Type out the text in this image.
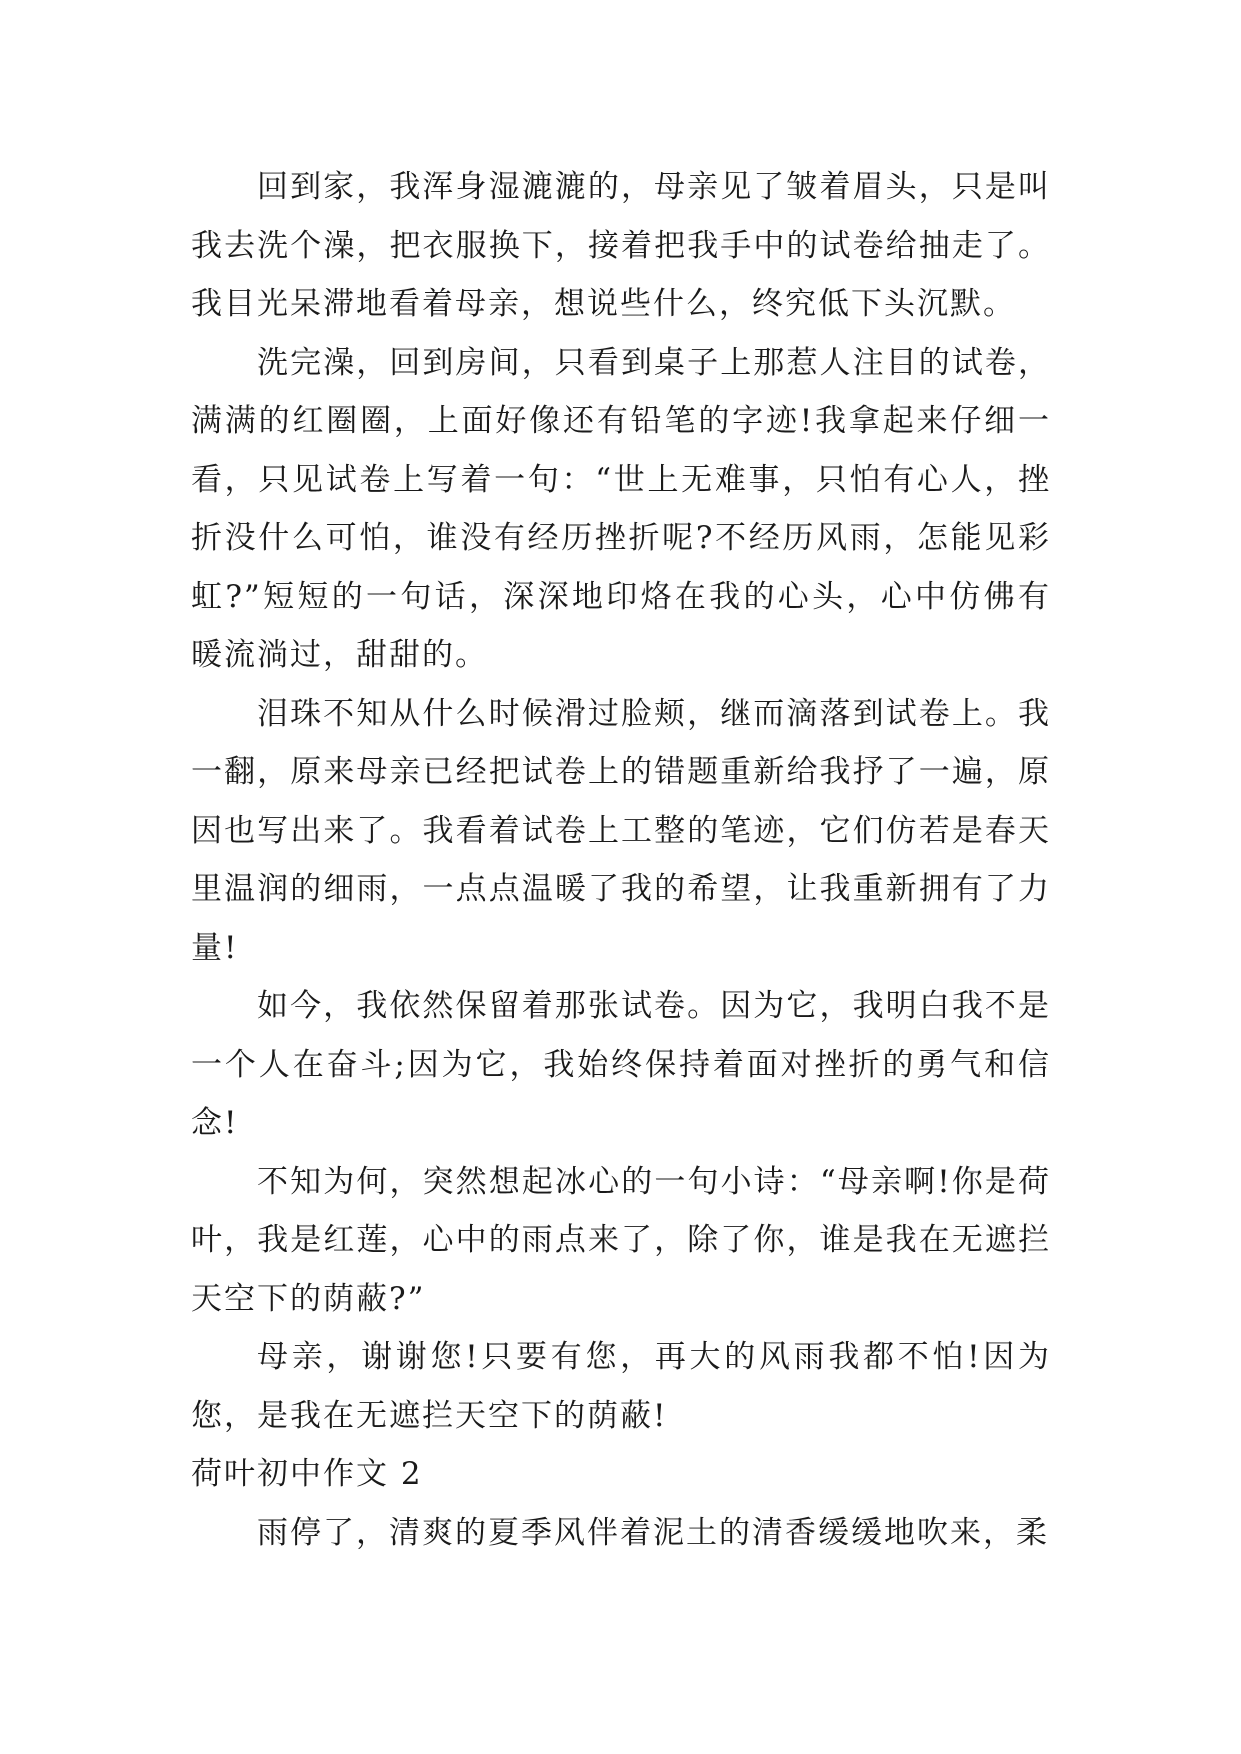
回到家，我浑身湿漉漉的，母亲见了皱着眉头，只是叫我去洗个澡，把衣服换下，接着把我手中的试卷给抽走了。我目光呆滞地看着母亲，想说些什么，终究低下头沉默。

洗完澡，回到房间，只看到桌子上那惹人注目的试卷，满满的红圈圈，上面好像还有铅笔的字迹!我拿起来仔细一看，只见试卷上写着一句：“世上无难事，只怕有心人，挫折没什么可怕，谁没有经历挫折呢?不经历风雨，怎能见彩虹?”短短的一句话，深深地印烙在我的心头，心中仿佛有暖流淌过，甜甜的。

泪珠不知从什么时候滑过脸颊，继而滴落到试卷上。我一翻，原来母亲已经把试卷上的错题重新给我抒了一遍，原因也写出来了。我看着试卷上工整的笔迹，它们仿若是春天里温润的细雨，一点点温暖了我的希望，让我重新拥有了力量!

如今，我依然保留着那张试卷。因为它，我明白我不是一个人在奋斗;因为它，我始终保持着面对挫折的勇气和信念!

不知为何，突然想起冰心的一句小诗：“母亲啊!你是荷叶，我是红莲，心中的雨点来了，除了你，谁是我在无遮拦天空下的荫蔽?”

母亲，谢谢您!只要有您，再大的风雨我都不怕!因为您，是我在无遮拦天空下的荫蔽!

荷叶初中作文 2

雨停了，清爽的夏季风伴着泥土的清香缓缓地吹来，柔
